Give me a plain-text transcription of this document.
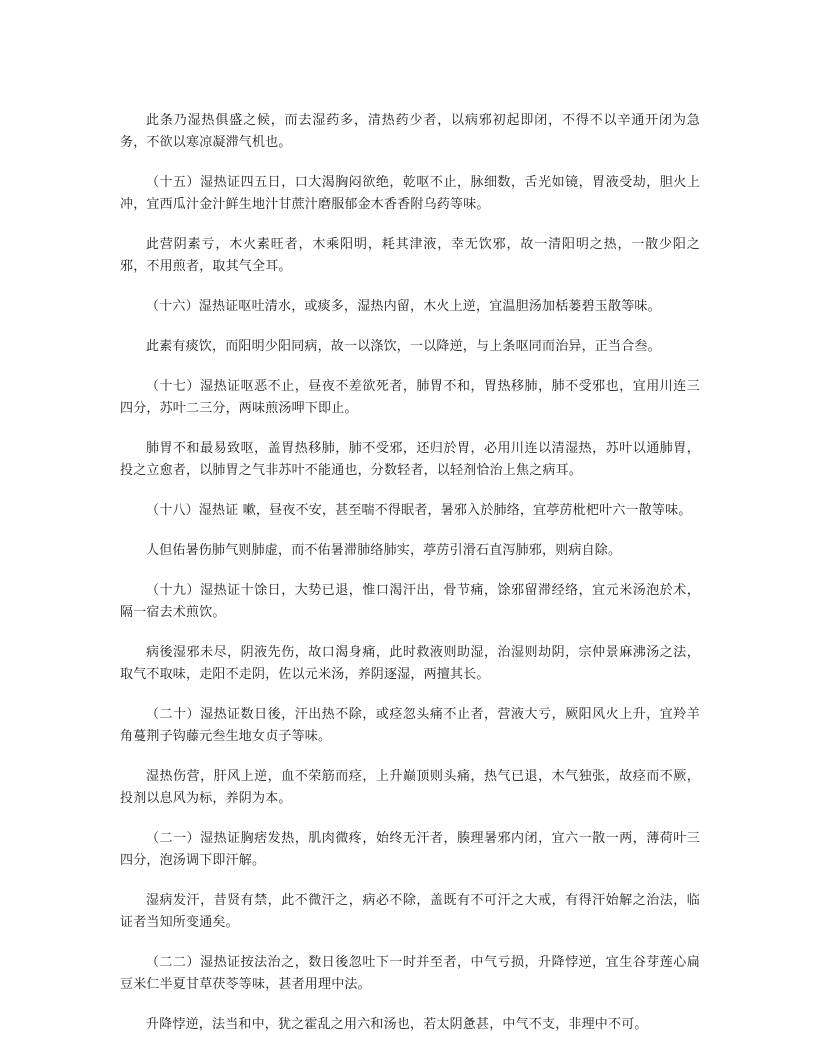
此条乃湿热俱盛之候，而去湿药多，清热药少者，以病邪初起即闭，不得不以辛通开闭为急务，不欲以寒凉凝滞气机也。

（十五）湿热证四五日，口大渴胸闷欲绝，乾呕不止，脉细数，舌光如镜，胃液受劫，胆火上冲，宜西瓜汁金汁鲜生地汁甘蔗汁磨服郁金木香香附乌药等味。

此营阴素亏，木火素旺者，木乘阳明，耗其津液，幸无饮邪，故一清阳明之热，一散少阳之邪，不用煎者，取其气全耳。

（十六）湿热证呕吐清水，或痰多，湿热内留，木火上逆，宜温胆汤加栝蒌碧玉散等味。

此素有痰饮，而阳明少阳同病，故一以涤饮，一以降逆，与上条呕同而治异，正当合叁。

（十七）湿热证呕恶不止，昼夜不差欲死者，肺胃不和，胃热移肺，肺不受邪也，宜用川连三四分，苏叶二三分，两味煎汤呷下即止。

肺胃不和最易致呕，盖胃热移肺，肺不受邪，还归於胃，必用川连以清湿热，苏叶以通肺胃，投之立愈者，以肺胃之气非苏叶不能通也，分数轻者，以轻剂恰治上焦之病耳。

（十八）湿热证 嗽，昼夜不安，甚至喘不得眠者，暑邪入於肺络，宜葶苈枇杷叶六一散等味。

人但佑暑伤肺气则肺虚，而不佑暑滞肺络肺实，葶苈引滑石直泻肺邪，则病自除。

（十九）湿热证十馀日，大势已退，惟口渴汗出，骨节痛，馀邪留滞经络，宜元米汤泡於术，隔一宿去术煎饮。

病後湿邪未尽，阴液先伤，故口渴身痛，此时救液则助湿，治湿则劫阴，宗仲景麻沸汤之法，取气不取味，走阳不走阴，佐以元米汤，养阴逐湿，两擅其长。

（二十）湿热证数日後，汗出热不除，或痉忽头痛不止者，营液大亏，厥阳风火上升，宜羚羊角蔓荆子钩藤元叁生地女贞子等味。

湿热伤营，肝风上逆，血不荣筋而痉，上升巅顶则头痛，热气已退，木气独张，故痉而不厥，投剂以息风为标，养阴为本。

（二一）湿热证胸痞发热，肌肉微疼，始终无汗者，腠理暑邪内闭，宜六一散一两，薄荷叶三四分，泡汤调下即汗解。

湿病发汗，昔贤有禁，此不微汗之，病必不除，盖既有不可汗之大戒，有得汗始解之治法，临证者当知所变通矣。

（二二）湿热证按法治之，数日後忽吐下一时并至者，中气亏损，升降悖逆，宜生谷芽莲心扁豆米仁半夏甘草茯苓等味，甚者用理中法。

升降悖逆，法当和中，犹之霍乱之用六和汤也，若太阴惫甚，中气不支，非理中不可。
